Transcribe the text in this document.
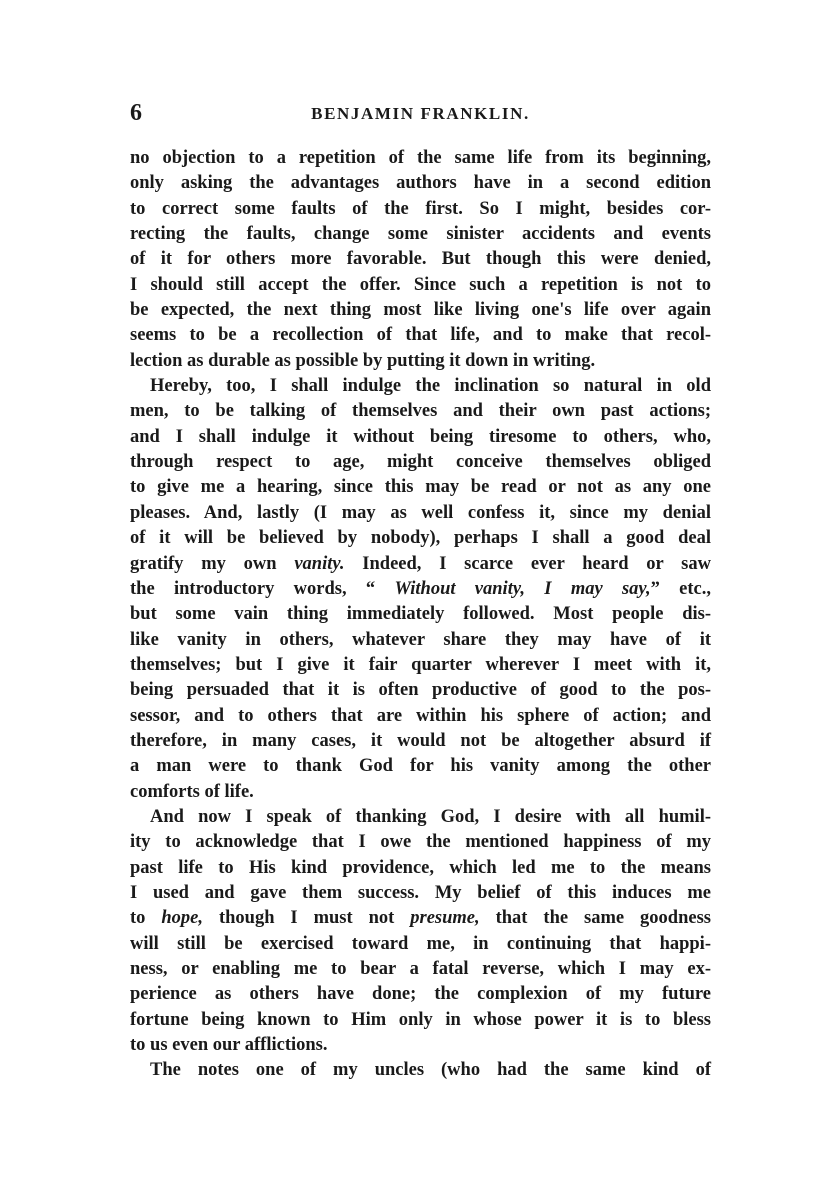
6	BENJAMIN FRANKLIN.
no objection to a repetition of the same life from its beginning,
only asking the advantages authors have in a second edition
to correct some faults of the first. So I might, besides cor-
recting the faults, change some sinister accidents and events
of it for others more favorable. But though this were denied,
I should still accept the offer. Since such a repetition is not to
be expected, the next thing most like living one's life over again
seems to be a recollection of that life, and to make that recol-
lection as durable as possible by putting it down in writing.
Hereby, too, I shall indulge the inclination so natural in old
men, to be talking of themselves and their own past actions;
and I shall indulge it without being tiresome to others, who,
through respect to age, might conceive themselves obliged
to give me a hearing, since this may be read or not as any one
pleases. And, lastly (I may as well confess it, since my denial
of it will be believed by nobody), perhaps I shall a good deal
gratify my own vanity. Indeed, I scarce ever heard or saw
the introductory words, “ Without vanity, I may say,” etc.,
but some vain thing immediately followed. Most people dis-
like vanity in others, whatever share they may have of it
themselves; but I give it fair quarter wherever I meet with it,
being persuaded that it is often productive of good to the pos-
sessor, and to others that are within his sphere of action; and
therefore, in many cases, it would not be altogether absurd if
a man were to thank God for his vanity among the other
comforts of life.
And now I speak of thanking God, I desire with all humil-
ity to acknowledge that I owe the mentioned happiness of my
past life to His kind providence, which led me to the means
I used and gave them success. My belief of this induces me
to hope, though I must not presume, that the same goodness
will still be exercised toward me, in continuing that happi-
ness, or enabling me to bear a fatal reverse, which I may ex-
perience as others have done; the complexion of my future
fortune being known to Him only in whose power it is to bless
to us even our afflictions.
The notes one of my uncles (who had the same kind of
